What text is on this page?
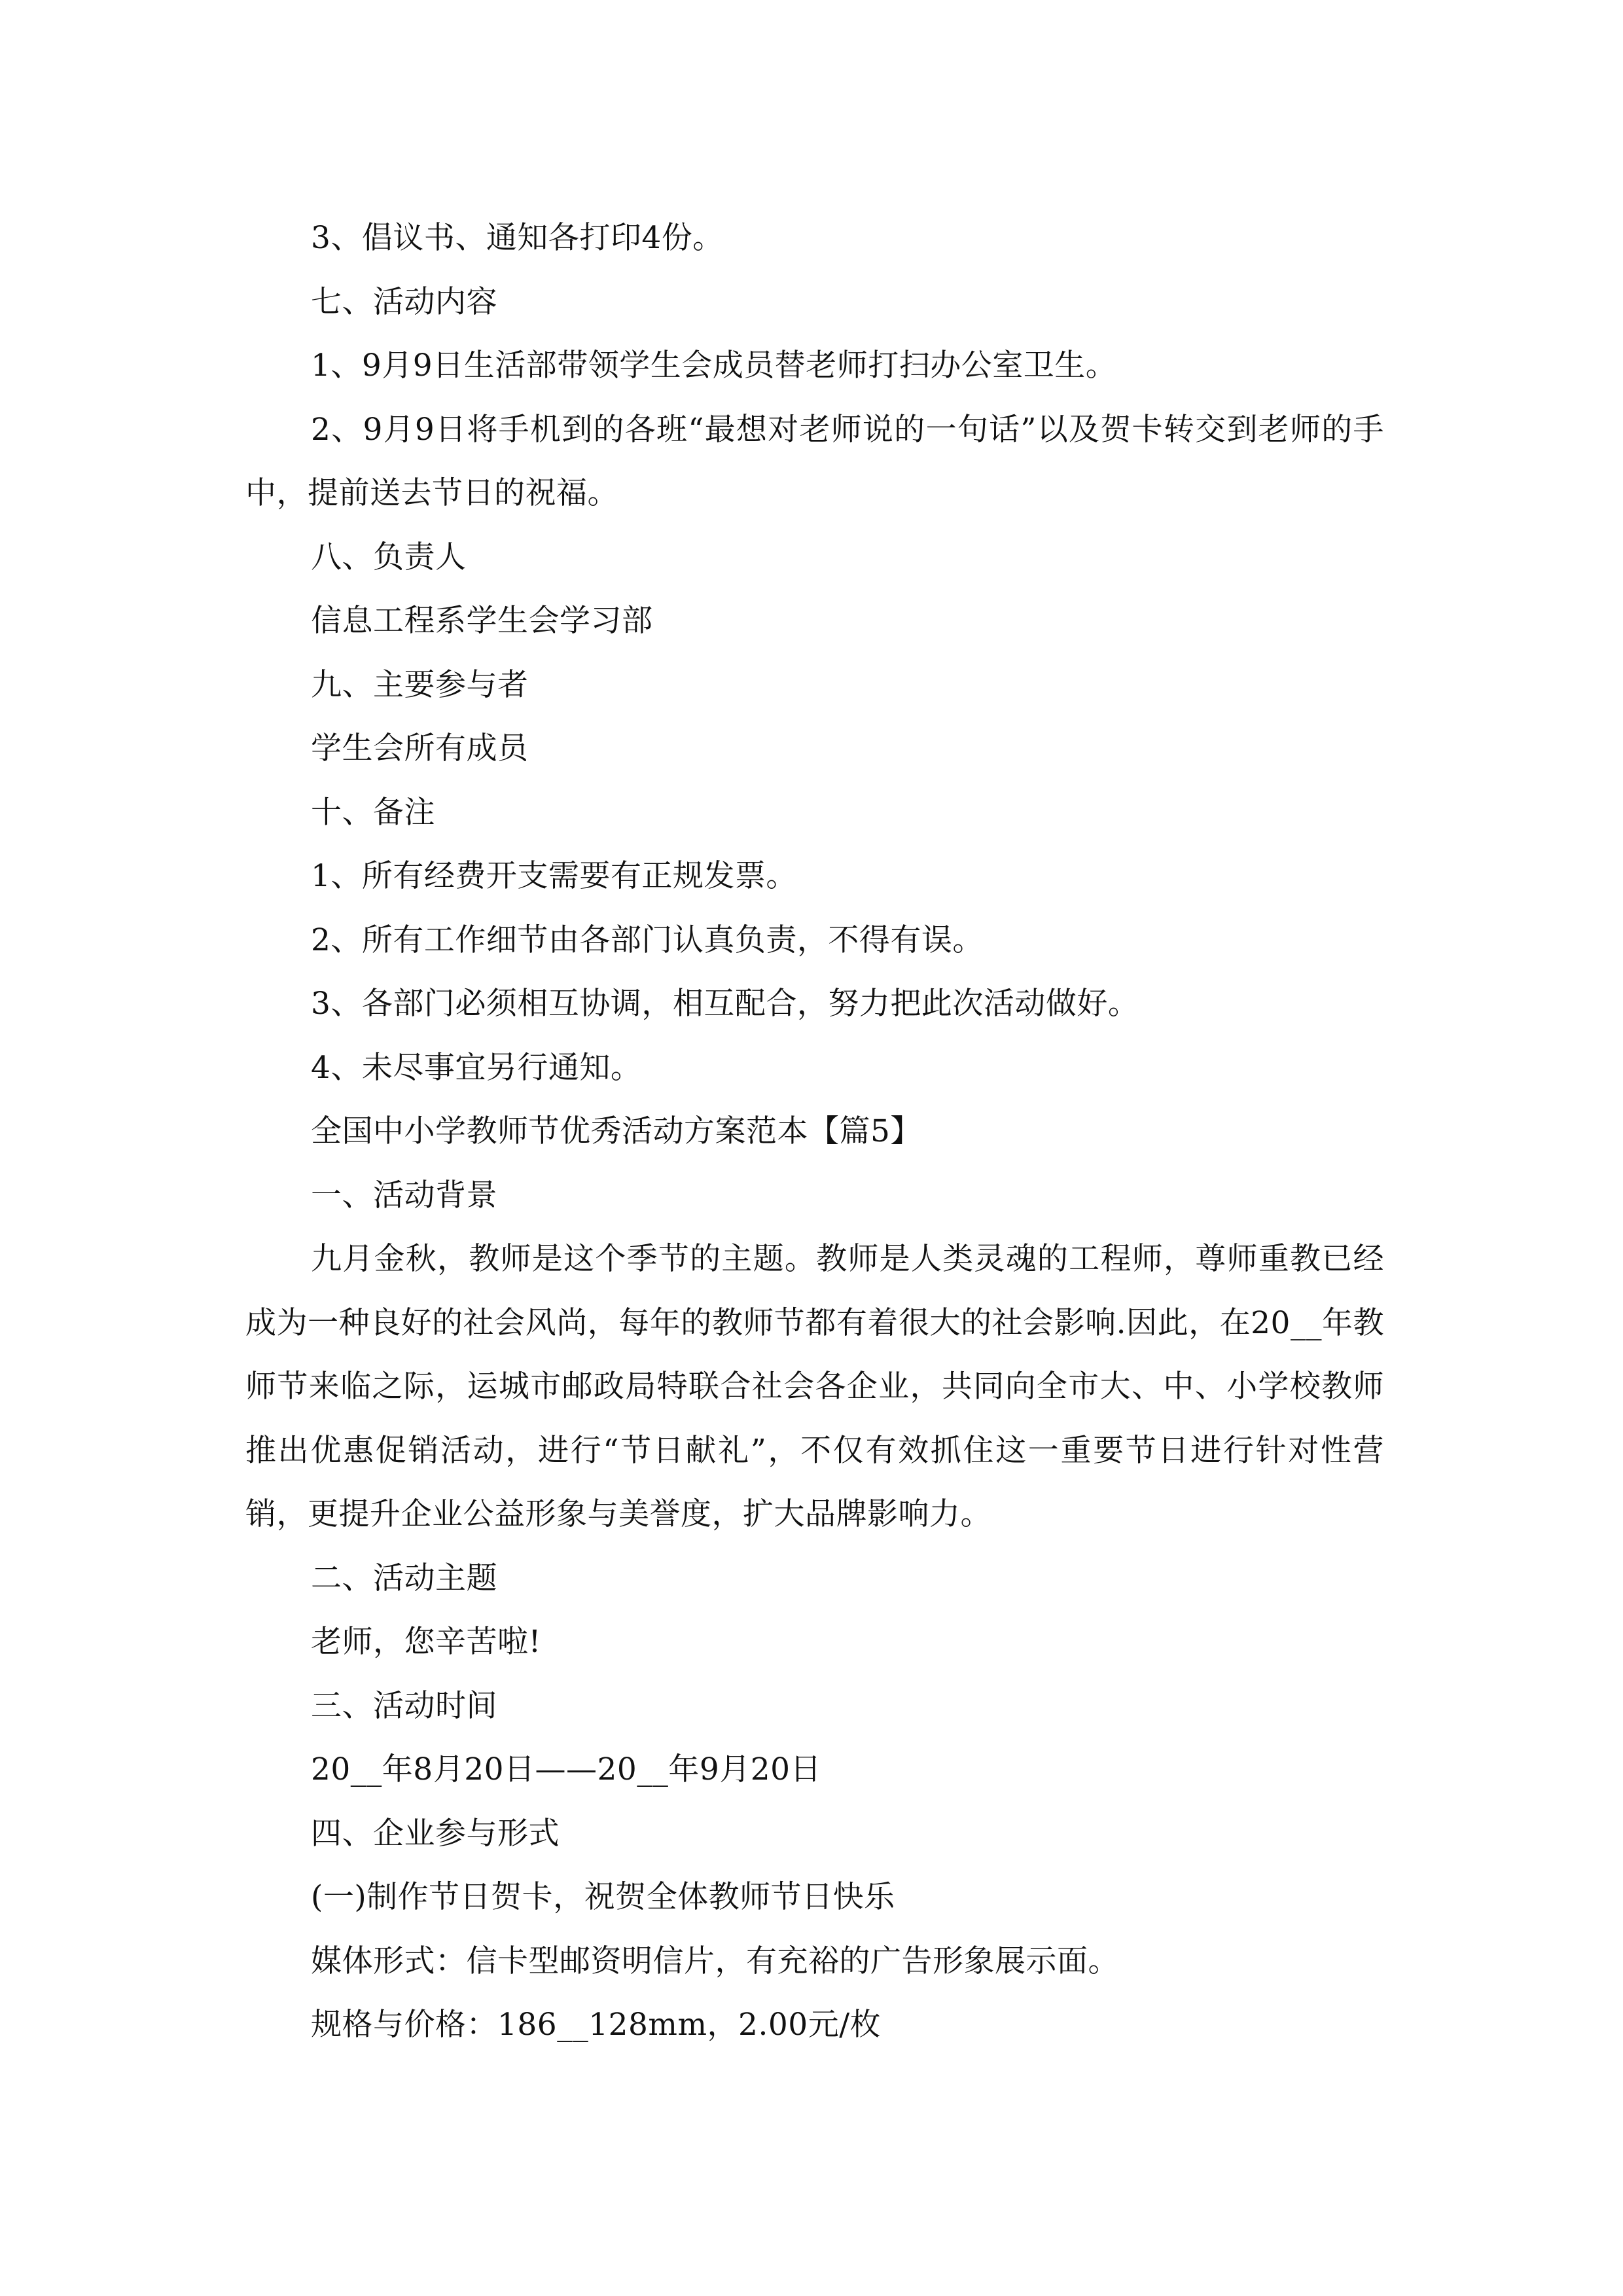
3、倡议书、通知各打印4份。

七、活动内容

1、9月9日生活部带领学生会成员替老师打扫办公室卫生。

2、9月9日将手机到的各班“最想对老师说的一句话”以及贺卡转交到老师的手中，提前送去节日的祝福。

八、负责人

信息工程系学生会学习部

九、主要参与者

学生会所有成员

十、备注

1、所有经费开支需要有正规发票。

2、所有工作细节由各部门认真负责，不得有误。

3、各部门必须相互协调，相互配合，努力把此次活动做好。

4、未尽事宜另行通知。

全国中小学教师节优秀活动方案范本【篇5】

一、活动背景

九月金秋，教师是这个季节的主题。教师是人类灵魂的工程师，尊师重教已经成为一种良好的社会风尚，每年的教师节都有着很大的社会影响.因此，在20__年教师节来临之际，运城市邮政局特联合社会各企业，共同向全市大、中、小学校教师推出优惠促销活动，进行“节日献礼”，不仅有效抓住这一重要节日进行针对性营销，更提升企业公益形象与美誉度，扩大品牌影响力。

二、活动主题

老师，您辛苦啦!

三、活动时间

20__年8月20日——20__年9月20日

四、企业参与形式

(一)制作节日贺卡，祝贺全体教师节日快乐

媒体形式：信卡型邮资明信片，有充裕的广告形象展示面。

规格与价格：186__128mm，2.00元/枚
